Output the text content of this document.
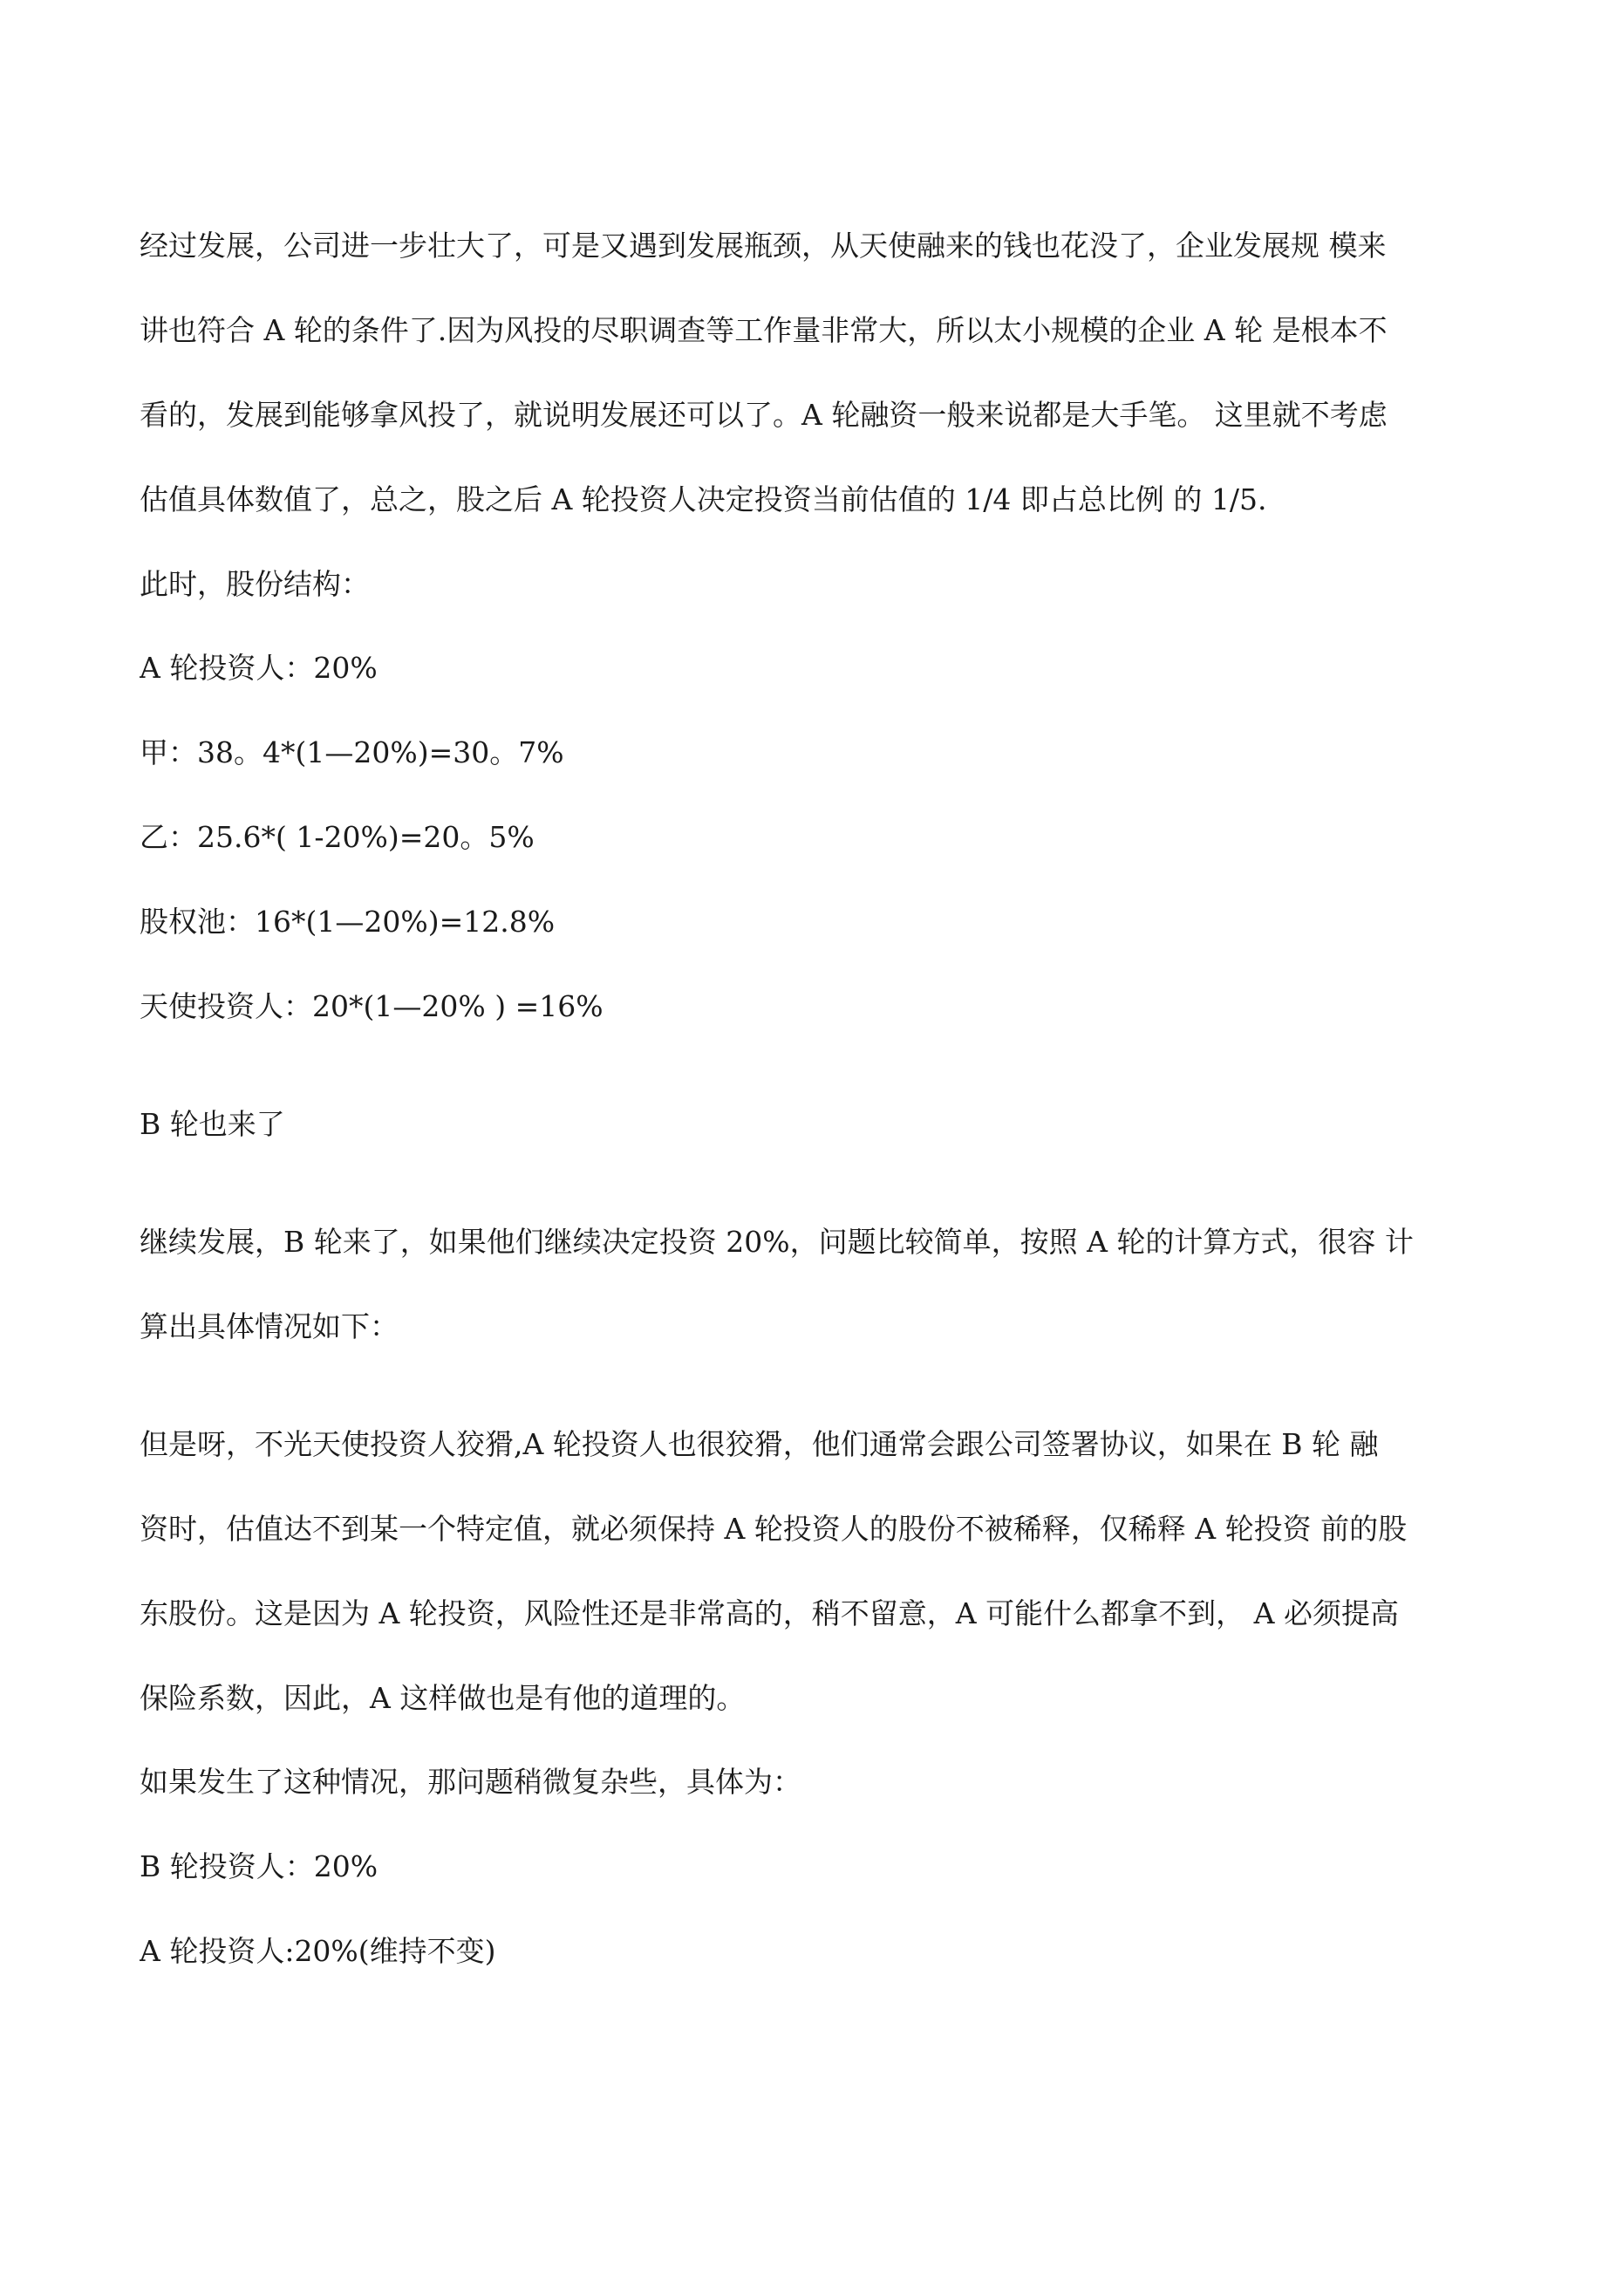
经过发展，公司进一步壮大了，可是又遇到发展瓶颈，从天使融来的钱也花没了，企业发展规 模来
讲也符合 A 轮的条件了.因为风投的尽职调查等工作量非常大，所以太小规模的企业 A 轮 是根本不
看的，发展到能够拿风投了，就说明发展还可以了。A 轮融资一般来说都是大手笔。 这里就不考虑
估值具体数值了，总之，股之后 A 轮投资人决定投资当前估值的 1/4 即占总比例 的 1/5.
此时，股份结构：
A 轮投资人：20%
甲：38。4*(1—20%)=30。7%
乙：25.6*( 1-20%)=20。5%
股权池：16*(1—20%)=12.8%
天使投资人：20*(1—20% ) =16%
B 轮也来了
继续发展，B 轮来了，如果他们继续决定投资 20%，问题比较简单，按照 A 轮的计算方式，很容 计
算出具体情况如下：
但是呀，不光天使投资人狡猾,A 轮投资人也很狡猾，他们通常会跟公司签署协议，如果在 B 轮 融
资时，估值达不到某一个特定值，就必须保持 A 轮投资人的股份不被稀释，仅稀释 A 轮投资 前的股
东股份。这是因为 A 轮投资，风险性还是非常高的，稍不留意，A 可能什么都拿不到， A 必须提高
保险系数，因此，A 这样做也是有他的道理的。
如果发生了这种情况，那问题稍微复杂些，具体为：
B 轮投资人：20%
A 轮投资人:20%(维持不变)
